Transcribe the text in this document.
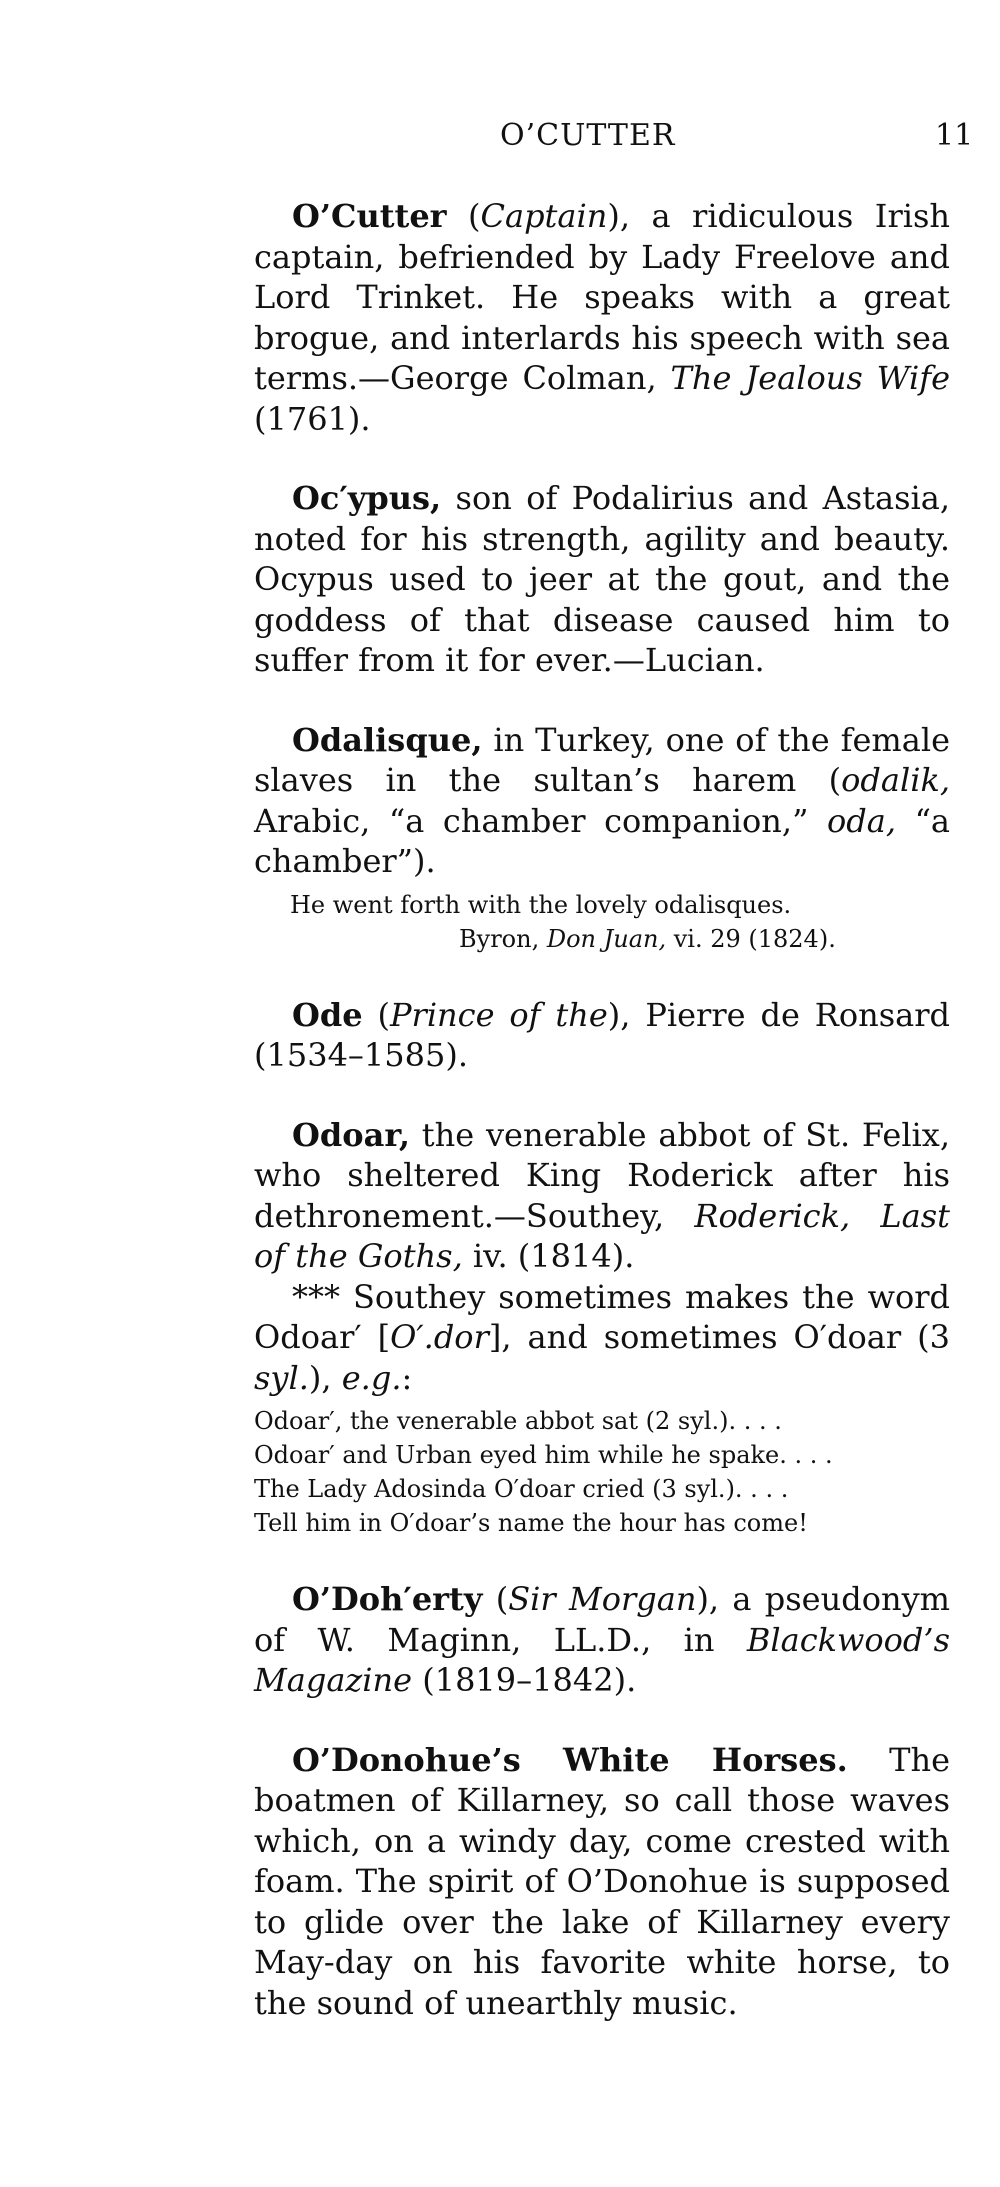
O’CUTTER	11

O’Cutter (Captain), a ridiculous Irish captain, befriended by Lady Freelove and Lord Trinket. He speaks with a great brogue, and interlards his speech with sea terms.—George Colman, The Jealous Wife (1761).

Oc′ypus, son of Podalirius and Astasia, noted for his strength, agility and beauty. Ocypus used to jeer at the gout, and the goddess of that disease caused him to suffer from it for ever.—Lucian.

Odalisque, in Turkey, one of the female slaves in the sultan’s harem (odalik, Arabic, “a chamber companion,” oda, “a chamber”).

He went forth with the lovely odalisques.
Byron, Don Juan, vi. 29 (1824).

Ode (Prince of the), Pierre de Ronsard (1534–1585).

Odoar, the venerable abbot of St. Felix, who sheltered King Roderick after his dethronement.—Southey, Roderick, Last of the Goths, iv. (1814).

*** Southey sometimes makes the word Odoar′ [O′.dor], and sometimes O′doar (3 syl.), e.g.:

Odoar′, the venerable abbot sat (2 syl.). . . .
Odoar′ and Urban eyed him while he spake. . . .
The Lady Adosinda O′doar cried (3 syl.). . . .
Tell him in O′doar’s name the hour has come!

O’Doh′erty (Sir Morgan), a pseudonym of W. Maginn, LL.D., in Blackwood’s Magazine (1819–1842).

O’Donohue’s White Horses. The boatmen of Killarney, so call those waves which, on a windy day, come crested with foam. The spirit of O’Donohue is supposed to glide over the lake of Killarney every May-day on his favorite white horse, to the sound of unearthly music.
